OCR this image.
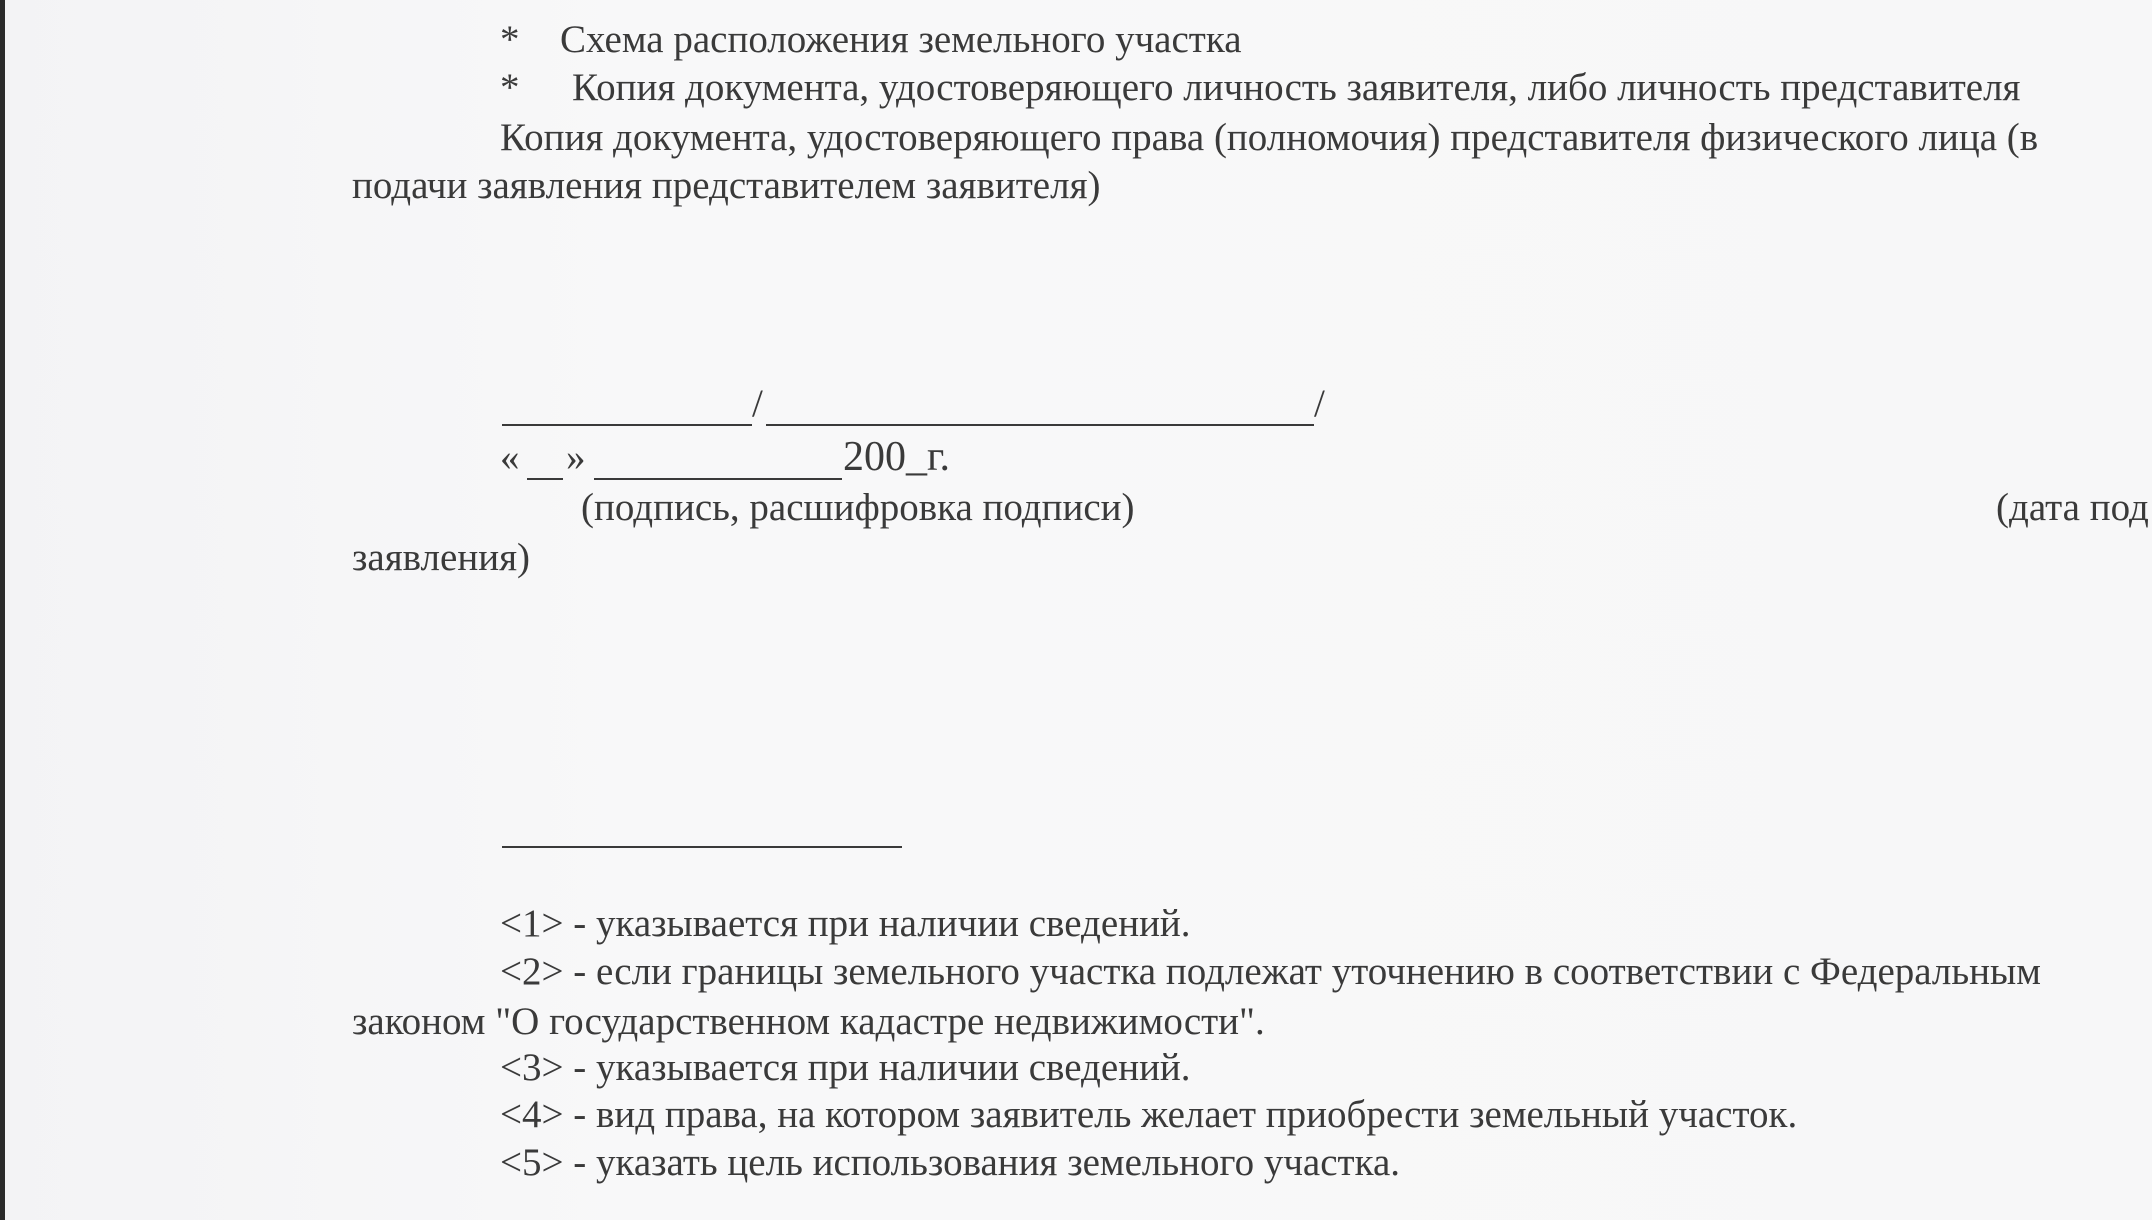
* Схема расположения земельного участка
* Копия документа, удостоверяющего личность заявителя, либо личность представителя
Копия документа, удостоверяющего права (полномочия) представителя физического лица (в
подачи заявления представителем заявителя)
/	/
« »	200_г.
(подпись, расшифровка подписи)	(дата под
заявления)
<1> - указывается при наличии сведений.
<2> - если границы земельного участка подлежат уточнению в соответствии с Федеральным
законом "О государственном кадастре недвижимости".
<3> - указывается при наличии сведений.
<4> - вид права, на котором заявитель желает приобрести земельный участок.
<5> - указать цель использования земельного участка.
